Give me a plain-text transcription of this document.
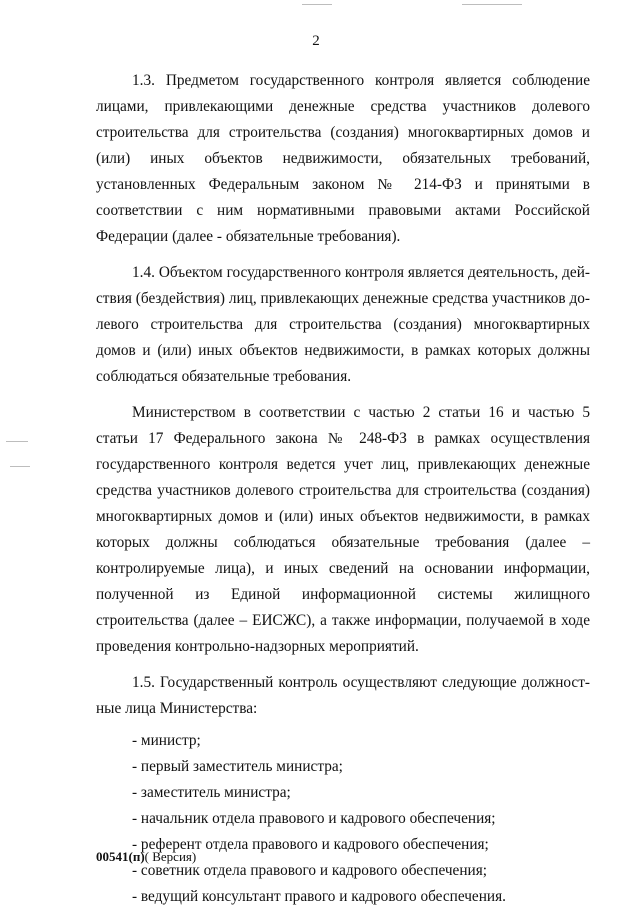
2

1.3. Предметом государственного контроля является соблюдение лицами, привлекающими денежные средства участников долевого строительства для строительства (создания) многоквартирных домов и (или) иных объектов недвижимости, обязательных требований, установленных Федеральным законом № 214-ФЗ и принятыми в соответствии с ним нормативными правовыми актами Российской Федерации (далее - обязательные требования).

1.4. Объектом государственного контроля является деятельность, действия (бездействия) лиц, привлекающих денежные средства участников долевого строительства для строительства (создания) многоквартирных домов и (или) иных объектов недвижимости, в рамках которых должны соблюдаться обязательные требования.

Министерством в соответствии с частью 2 статьи 16 и частью 5 статьи 17 Федерального закона № 248-ФЗ в рамках осуществления государственного контроля ведется учет лиц, привлекающих денежные средства участников долевого строительства для строительства (создания) многоквартирных домов и (или) иных объектов недвижимости, в рамках которых должны соблюдаться обязательные требования (далее – контролируемые лица), и иных сведений на основании информации, полученной из Единой информационной системы жилищного строительства (далее – ЕИСЖС), а также информации, получаемой в ходе проведения контрольно-надзорных мероприятий.

1.5. Государственный контроль осуществляют следующие должностные лица Министерства:

- министр;
- первый заместитель министра;
- заместитель министра;
- начальник отдела правового и кадрового обеспечения;
- референт отдела правового и кадрового обеспечения;
- советник отдела правового и кадрового обеспечения;
- ведущий консультант правого и кадрового обеспечения.
00541(п)( Версия)
